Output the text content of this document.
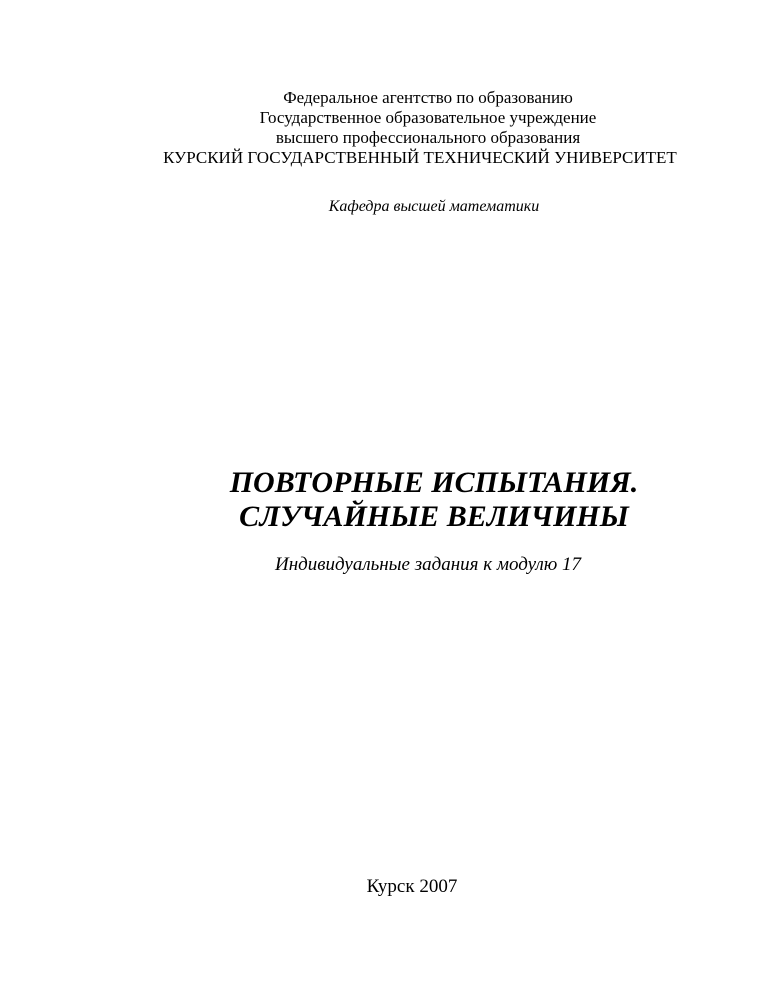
Федеральное агентство по образованию
Государственное образовательное учреждение
высшего профессионального образования
КУРСКИЙ ГОСУДАРСТВЕННЫЙ ТЕХНИЧЕСКИЙ УНИВЕРСИТЕТ
Кафедра высшей математики
ПОВТОРНЫЕ ИСПЫТАНИЯ.
СЛУЧАЙНЫЕ ВЕЛИЧИНЫ
Индивидуальные задания к модулю 17
Курск 2007
